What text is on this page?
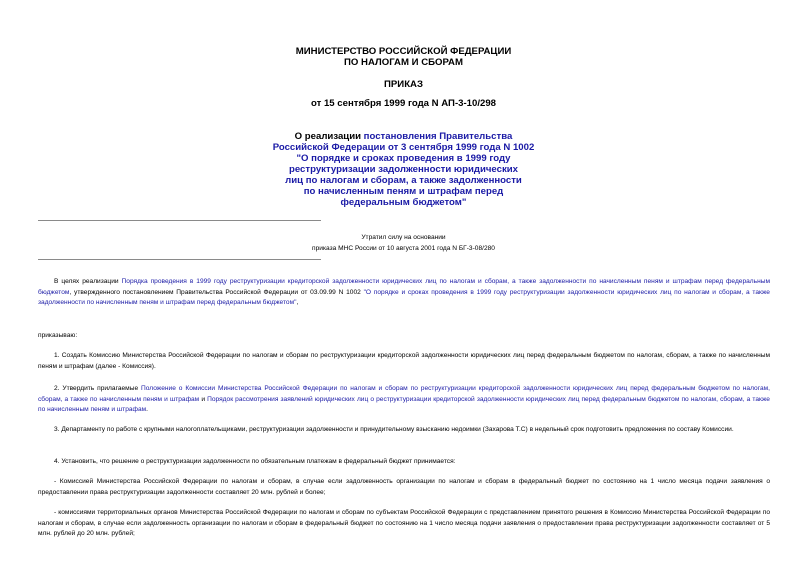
МИНИСТЕРСТВО РОССИЙСКОЙ ФЕДЕРАЦИИ
ПО НАЛОГАМ И СБОРАМ
ПРИКАЗ
от 15 сентября 1999 года N АП-3-10/298
О реализации постановления Правительства
Российской Федерации от 3 сентября 1999 года N 1002
"О порядке и сроках проведения в 1999 году
реструктуризации задолженности юридических
лиц по налогам и сборам, а также задолженности
по начисленным пеням и штрафам перед
федеральным бюджетом"
Утратил силу на основании
приказа МНС России от 10 августа 2001 года N БГ-3-08/280
В целях реализации Порядка проведения в 1999 году реструктуризации кредиторской задолженности юридических лиц по налогам и сборам, а также задолженности по начисленным пеням и штрафам перед федеральным бюджетом, утвержденного постановлением Правительства Российской Федерации от 03.09.99 N 1002 "О порядке и сроках проведения в 1999 году реструктуризации задолженности юридических лиц по налогам и сборам, а также задолженности по начисленным пеням и штрафам перед федеральным бюджетом",
приказываю:
1. Создать Комиссию Министерства Российской Федерации по налогам и сборам по реструктуризации кредиторской задолженности юридических лиц перед федеральным бюджетом по налогам, сборам, а также по начисленным пеням и штрафам (далее - Комиссия).
2. Утвердить прилагаемые Положение о Комиссии Министерства Российской Федерации по налогам и сборам по реструктуризации кредиторской задолженности юридических лиц перед федеральным бюджетом по налогам, сборам, а также по начисленным пеням и штрафам и Порядок рассмотрения заявлений юридических лиц о реструктуризации кредиторской задолженности юридических лиц перед федеральным бюджетом по налогам, сборам, а также по начисленным пеням и штрафам.
3. Департаменту по работе с крупными налогоплательщиками, реструктуризации задолженности и принудительному взысканию недоимки (Захарова Т.С) в недельный срок подготовить предложения по составу Комиссии.
4. Установить, что решение о реструктуризации задолженности по обязательным платежам в федеральный бюджет принимается:
- Комиссией Министерства Российской Федерации по налогам и сборам, в случае если задолженность организации по налогам и сборам в федеральный бюджет по состоянию на 1 число месяца подачи заявления о предоставлении права реструктуризации задолженности составляет 20 млн. рублей и более;
- комиссиями территориальных органов Министерства Российской Федерации по налогам и сборам по субъектам Российской Федерации с представлением принятого решения в Комиссию Министерства Российской Федерации по налогам и сборам, в случае если задолженность организации по налогам и сборам в федеральный бюджет по состоянию на 1 число месяца подачи заявления о предоставлении права реструктуризации задолженности составляет от 5 млн. рублей до 20 млн. рублей;
